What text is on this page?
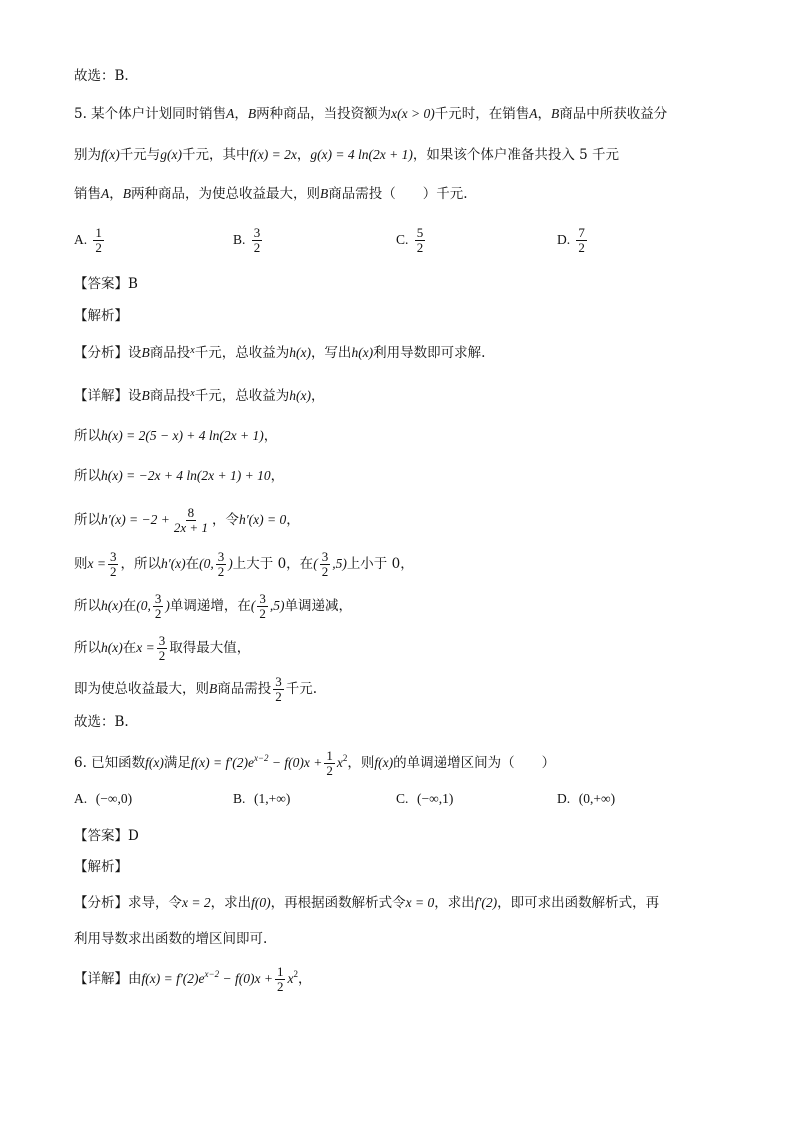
故选：B.
5. 某个体户计划同时销售A，B两种商品，当投资额为x(x > 0)千元时，在销售A，B商品中所获收益分
别为f(x)千元与g(x)千元，其中f(x) = 2x，g(x) = 4 ln(2x + 1)，如果该个体户准备共投入 5 千元
销售A，B两种商品，为使总收益最大，则B商品需投（　　）千元.
A. $\frac{1}{2}$	B. $\frac{3}{2}$	C. $\frac{5}{2}$	D. $\frac{7}{2}$
【答案】B
【解析】
【分析】设B商品投$^x$千元，总收益为h(x)，写出h(x)利用导数即可求解.
【详解】设B商品投$^x$千元，总收益为h(x)，
所以h(x) = 2(5 − x) + 4 ln(2x + 1)，
所以h(x) = −2x + 4 ln(2x + 1) + 10，
所以$h'(x) = -2 + \frac{8}{2x + 1}$ ，令h′(x) = 0，
则$x = \frac{3}{2}$ ，所以h′(x)在(0, $\frac{3}{2}$ )上大于 0，在( $\frac{3}{2} ,5$)上小于 0，
所以h(x)在(0, $\frac{3}{2}$ )单调递增，在( $\frac{3}{2} ,5$)单调递减，
所以h(x)在$x = \frac{3}{2}$ 取得最大值，
即为使总收益最大，则B商品需投 $\frac{3}{2}$ 千元.
故选：B.
6. 已知函数f(x)满足$f(x) = f'(2)e^{x-2} - f(0)x + \frac{1}{2} x^2$，则f(x)的单调递增区间为（　　）
A. (−∞,0)	B. (1,+∞)	C. (−∞,1)	D. (0,+∞)
【答案】D
【解析】
【分析】求导，令x = 2，求出f(0)，再根据函数解析式令x = 0，求出f′(2)，即可求出函数解析式，再
利用导数求出函数的增区间即可.
【详解】由$f(x) = f'(2)e^{x-2} - f(0)x + \frac{1}{2} x^2$，
